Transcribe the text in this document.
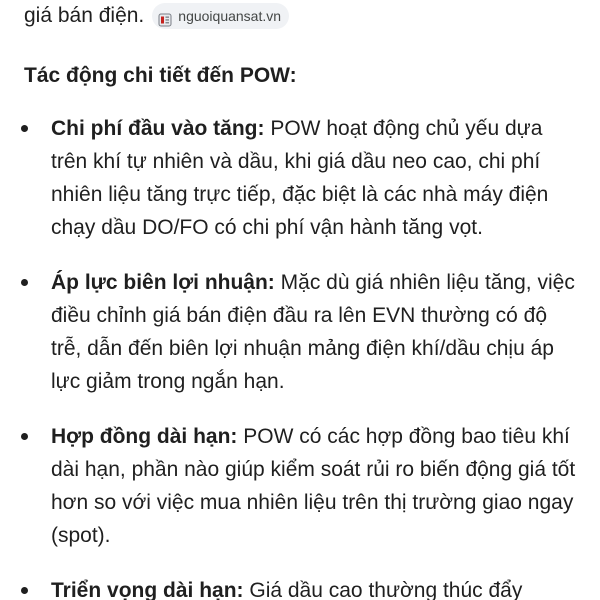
giá bán điện. nguoiquansat.vn
Tác động chi tiết đến POW:
Chi phí đầu vào tăng: POW hoạt động chủ yếu dựa trên khí tự nhiên và dầu, khi giá dầu neo cao, chi phí nhiên liệu tăng trực tiếp, đặc biệt là các nhà máy điện chạy dầu DO/FO có chi phí vận hành tăng vọt.
Áp lực biên lợi nhuận: Mặc dù giá nhiên liệu tăng, việc điều chỉnh giá bán điện đầu ra lên EVN thường có độ trễ, dẫn đến biên lợi nhuận mảng điện khí/dầu chịu áp lực giảm trong ngắn hạn.
Hợp đồng dài hạn: POW có các hợp đồng bao tiêu khí dài hạn, phần nào giúp kiểm soát rủi ro biến động giá tốt hơn so với việc mua nhiên liệu trên thị trường giao ngay (spot).
Triển vọng dài hạn: Giá dầu cao thường thúc đẩy
